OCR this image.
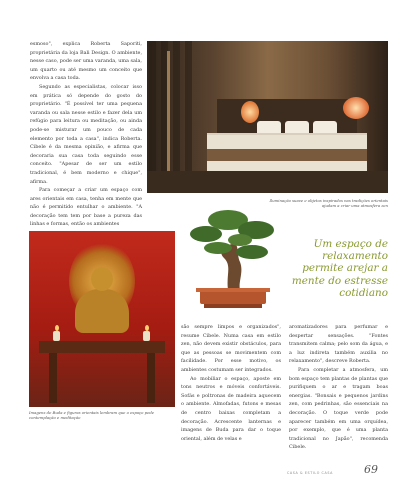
esmoso", explica Roberta Saporiti, proprietária da loja Bali Design. O ambiente, nesse caso, pode ser uma varanda, uma sala, um quarto ou até mesmo um conceito que envolva a casa toda.

Segundo as especialistas, colocar isso em prática só depende do gosto do proprietário. "É possível ter uma pequena varanda ou sala nesse estilo e fazer dela um refúgio para leitura ou meditação, ou ainda pode-se misturar um pouco de cada elemento por toda a casa", indica Roberta. Cibele é da mesma opinião, e afirma que decoraria sua casa toda seguindo esse conceito. "Apesar de ser um estilo tradicional, é bem moderno e chique", afirma.

Para começar a criar um espaço com ares orientais em casa, tenha em mente que não é permitido entulhar o ambiente. "A decoração tem tem por base a pureza das linhas e formas, então os ambientes

Iluminação suave e objetos inspirados nas tradições orientais ajudam a criar uma atmosfera zen
Um espaço de relaxamento permite arejar a mente do estresse cotidiano
Imagens de Buda e figuras orientais lembram que o espaço pede contemplação e meditação

são sempre limpos e organizados", resume Cibele. Numa casa em estilo zen, não devem existir obstáculos, para que as pessoas se movimentem com facilidade. Por esse motivo, os ambientes costumam ser integrados.

Ao mobiliar o espaço, aposte em tons neutros e móveis confortáveis. Sofás e poltronas de madeira aquecem o ambiente. Almofadas, futons e mesas de centro baixas completam a decoração. Acrescente lanternas e imagens de Buda para dar o toque oriental, além de velas e

aromatizadores para perfumar e despertar sensações. "Fontes transmitem calma; pelo som da água, e a luz indireta também auxilia no relaxamento", descreve Roberta.

Para completar a atmosfera, um bom espaço tem plantas de plantas que purifiquem o ar e tragam boas energias. "Bonsais e pequenos jardins zen, com pedrinhas, são essenciais na decoração. O toque verde pode aparecer também em uma orquídea, por exemplo, que é uma planta tradicional no Japão", recomenda Cibele.

CASA & ESTILO CASA	69
